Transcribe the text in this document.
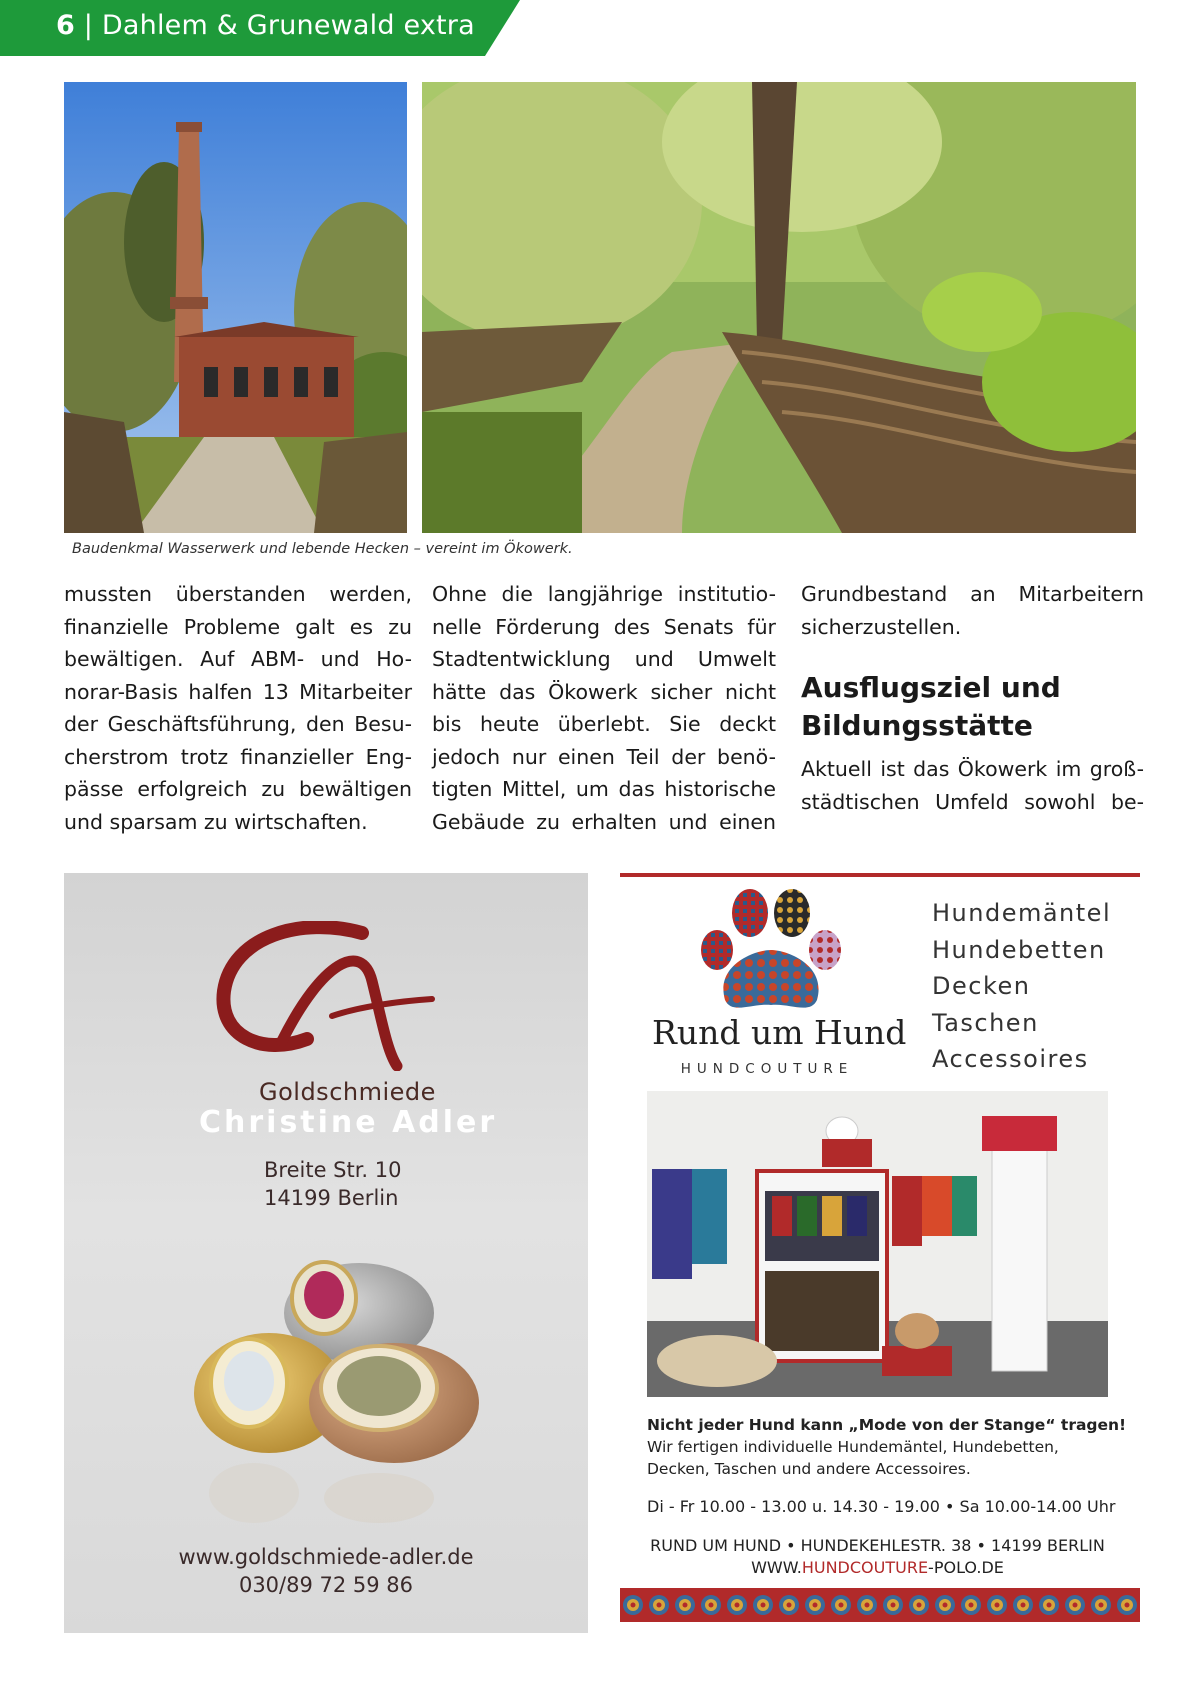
6 | Dahlem & Grunewald extra
Baudenkmal Wasserwerk und lebende Hecken – vereint im Ökowerk.
mussten überstanden werden,
finanzielle Probleme galt es zu
bewältigen. Auf ABM- und Ho-
norar-Basis halfen 13 Mitarbeiter
der Geschäftsführung, den Besu-
cherstrom trotz finanzieller Eng-
pässe erfolgreich zu bewältigen
und sparsam zu wirtschaften.
Ohne die langjährige institutio-
nelle Förderung des Senats für
Stadtentwicklung und Umwelt
hätte das Ökowerk sicher nicht
bis heute überlebt. Sie deckt
jedoch nur einen Teil der benö-
tigten Mittel, um das historische
Gebäude zu erhalten und einen
Grundbestand an Mitarbeitern
sicherzustellen.
Ausflugsziel und
Bildungsstätte
Aktuell ist das Ökowerk im groß-
städtischen Umfeld sowohl be-
Goldschmiede
Christine Adler
Breite Str. 10
14199 Berlin
www.goldschmiede-adler.de
030/89 72 59 86
Rund um Hund
HUNDCOUTURE
Hundemäntel
Hundebetten
Decken
Taschen
Accessoires
Nicht jeder Hund kann „Mode von der Stange“ tragen!
Wir fertigen individuelle Hundemäntel, Hundebetten,
Decken, Taschen und andere Accessoires.
Di - Fr 10.00 - 13.00 u. 14.30 - 19.00 • Sa 10.00-14.00 Uhr
RUND UM HUND • HUNDEKEHLESTR. 38 • 14199 BERLIN
WWW.HUNDCOUTURE-POLO.DE
